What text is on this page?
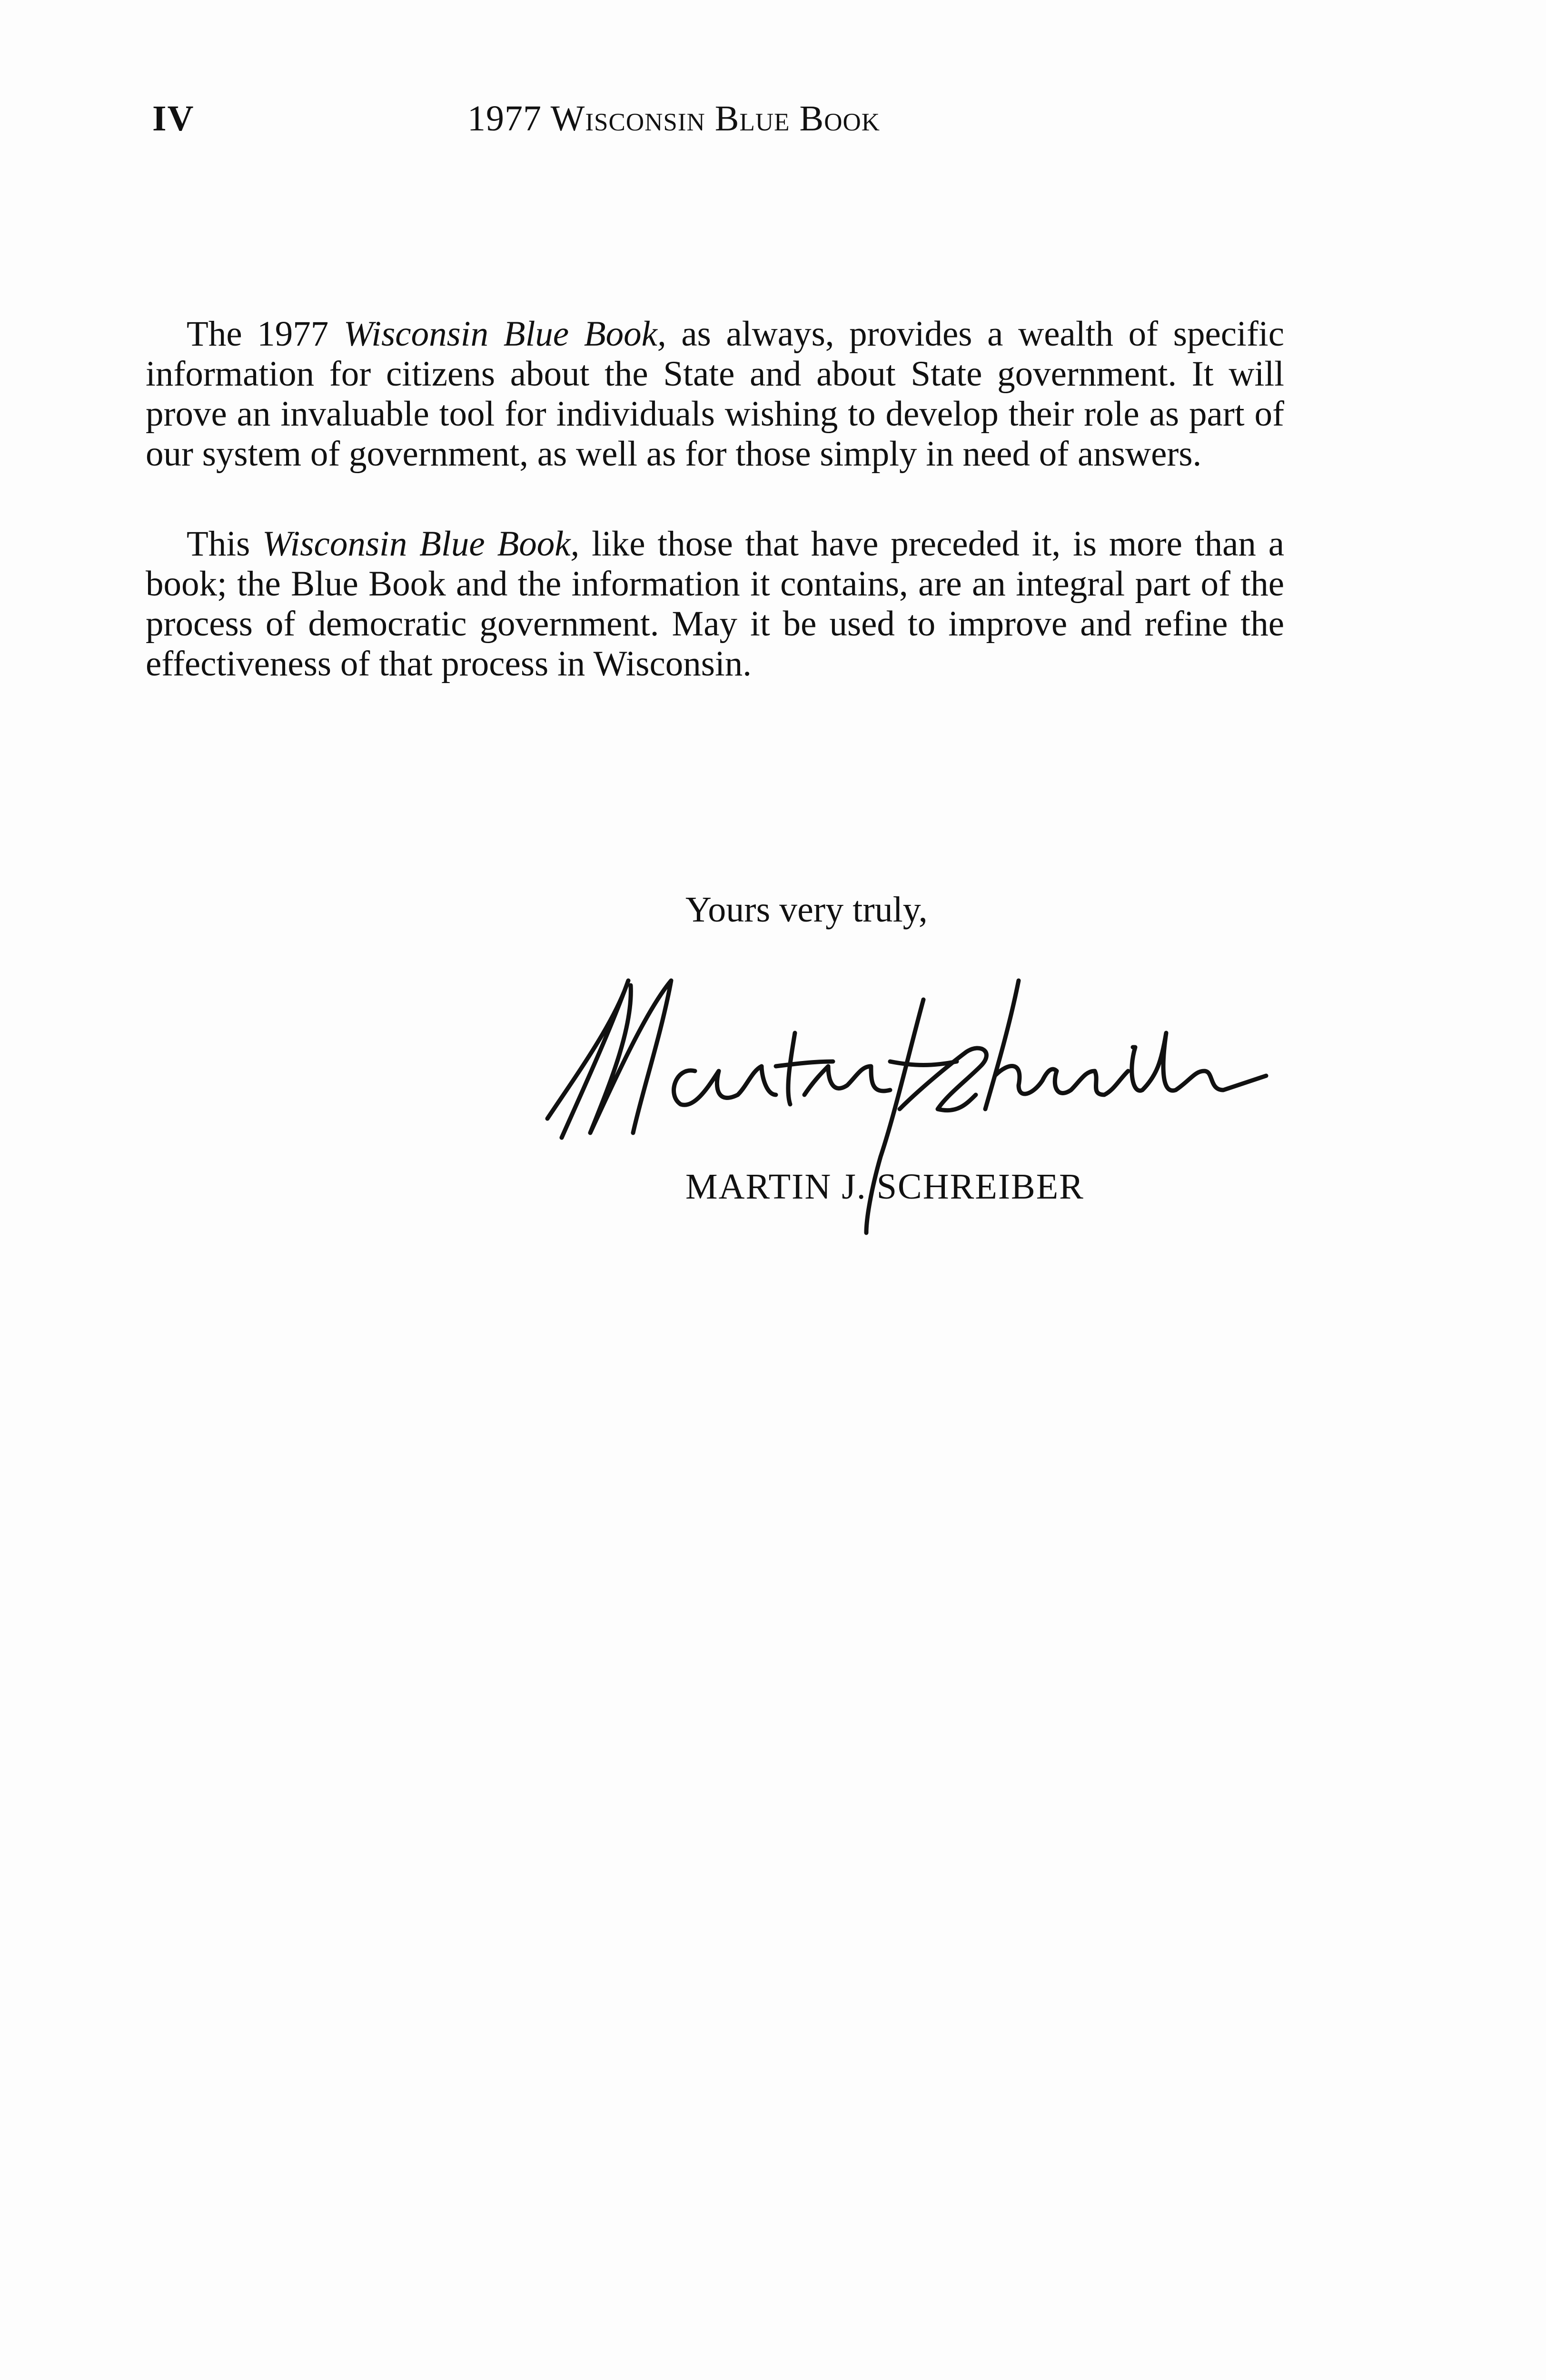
IV	1977 Wisconsin Blue Book

The 1977 Wisconsin Blue Book, as always, provides a wealth of specific information for citizens about the State and about State government. It will prove an invaluable tool for individuals wishing to develop their role as part of our system of government, as well as for those simply in need of answers.

This Wisconsin Blue Book, like those that have preceded it, is more than a book; the Blue Book and the information it contains, are an integral part of the process of democratic government. May it be used to improve and refine the effectiveness of that process in Wisconsin.

Yours very truly,
MARTIN J. SCHREIBER
